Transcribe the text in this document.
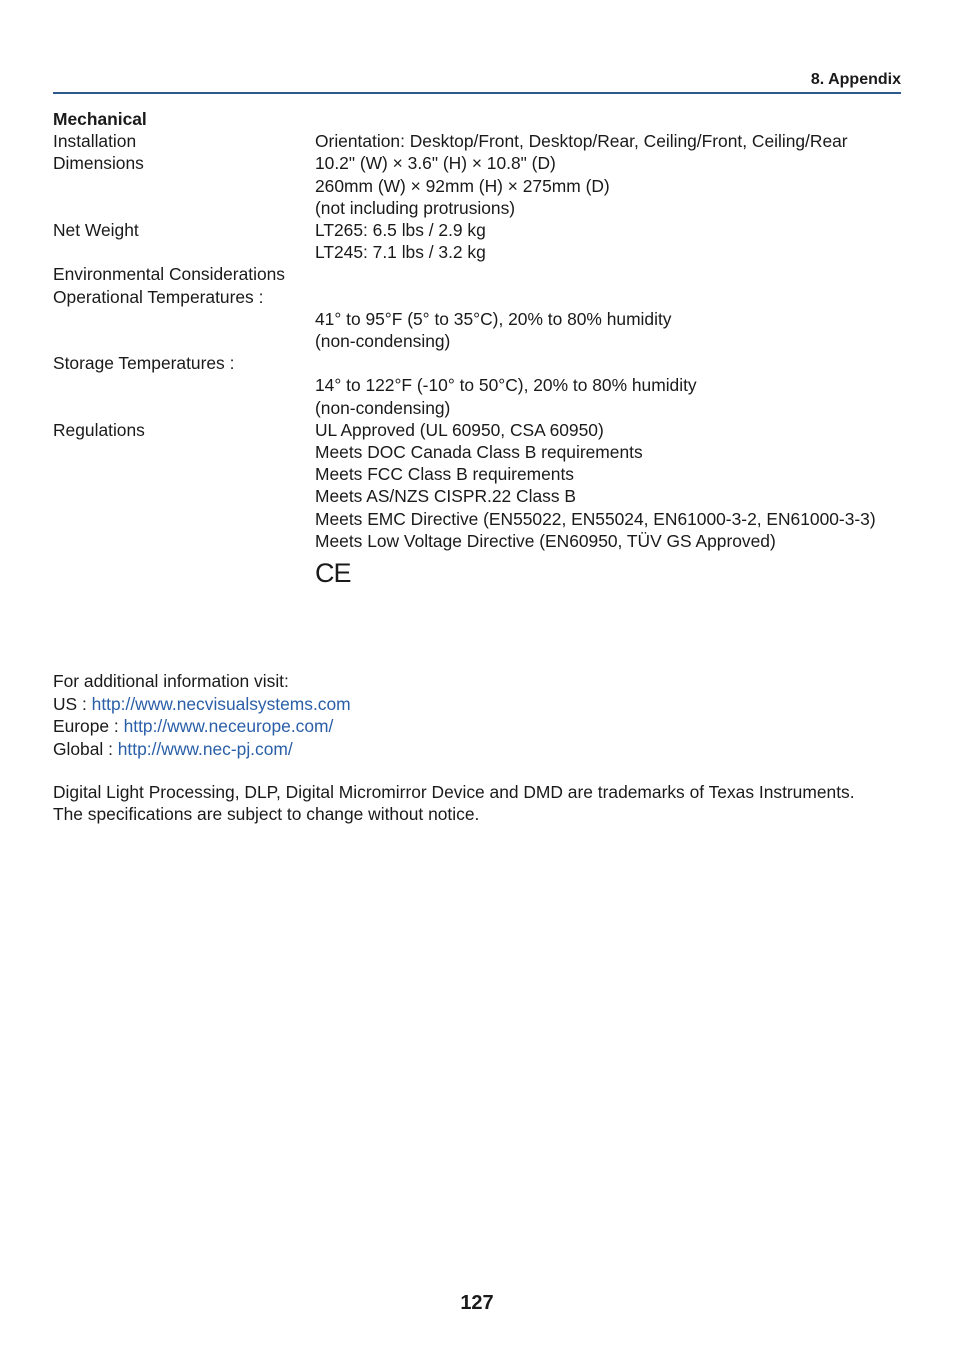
8. Appendix
Mechanical
Installation	Orientation: Desktop/Front, Desktop/Rear, Ceiling/Front, Ceiling/Rear
Dimensions	10.2" (W) × 3.6" (H) × 10.8" (D)
260mm (W) × 92mm (H) × 275mm (D)
(not including protrusions)
Net Weight	LT265: 6.5 lbs / 2.9 kg
LT245: 7.1 lbs / 3.2 kg
Environmental Considerations
Operational Temperatures :
41° to 95°F (5° to 35°C), 20% to 80% humidity
(non-condensing)
Storage Temperatures :
14° to 122°F (-10° to 50°C), 20% to 80% humidity
(non-condensing)
Regulations	UL Approved (UL 60950, CSA 60950)
Meets DOC Canada Class B requirements
Meets FCC Class B requirements
Meets AS/NZS CISPR.22 Class B
Meets EMC Directive (EN55022, EN55024, EN61000-3-2, EN61000-3-3)
Meets Low Voltage Directive (EN60950, TÜV GS Approved)
CE
For additional information visit:
US : http://www.necvisualsystems.com
Europe : http://www.neceurope.com/
Global : http://www.nec-pj.com/
Digital Light Processing, DLP, Digital Micromirror Device and DMD are trademarks of Texas Instruments.
The specifications are subject to change without notice.
127
